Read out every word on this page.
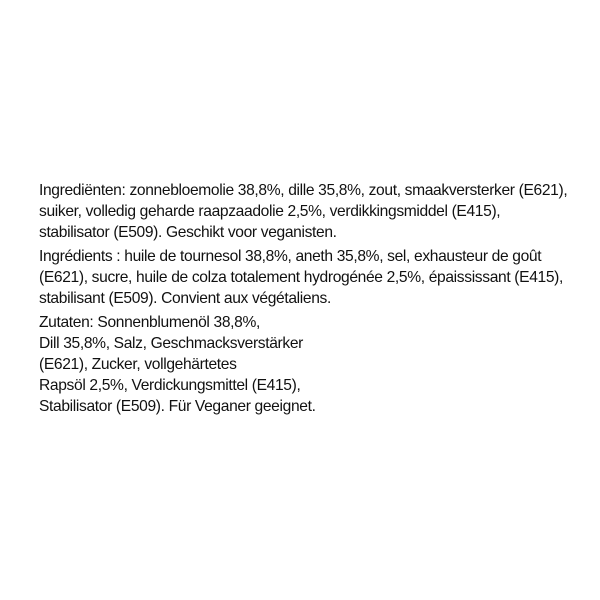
Ingrediënten: zonnebloemolie 38,8%, dille 35,8%, zout, smaakversterker (E621),
suiker, volledig geharde raapzaadolie 2,5%, verdikkingsmiddel (E415),
stabilisator (E509). Geschikt voor veganisten.
Ingrédients : huile de tournesol 38,8%, aneth 35,8%, sel, exhausteur de goût
(E621), sucre, huile de colza totalement hydrogénée 2,5%, épaississant (E415),
stabilisant (E509). Convient aux végétaliens.
Zutaten: Sonnenblumenöl 38,8%,
Dill 35,8%, Salz, Geschmacksverstärker
(E621), Zucker, vollgehärtetes
Rapsöl 2,5%, Verdickungsmittel (E415),
Stabilisator (E509). Für Veganer geeignet.
